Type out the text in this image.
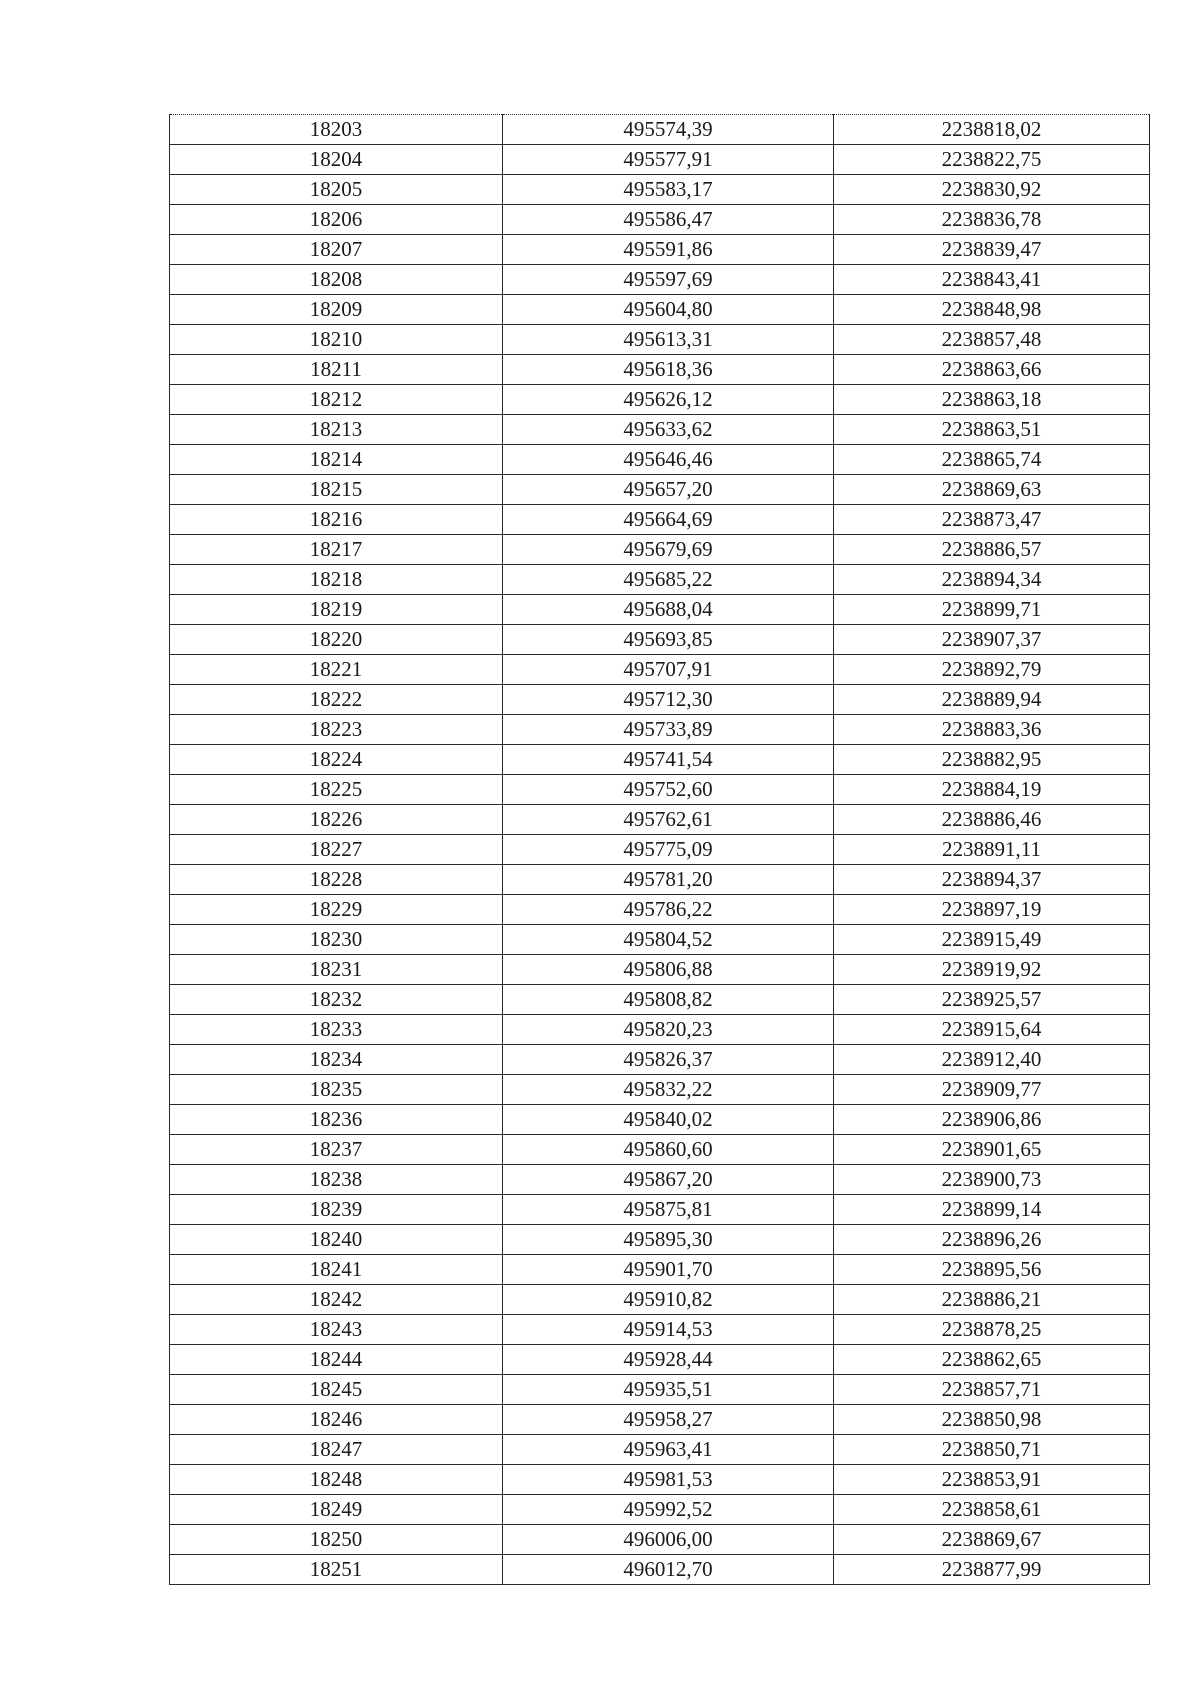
18203	495574,39	2238818,02
18204	495577,91	2238822,75
18205	495583,17	2238830,92
18206	495586,47	2238836,78
18207	495591,86	2238839,47
18208	495597,69	2238843,41
18209	495604,80	2238848,98
18210	495613,31	2238857,48
18211	495618,36	2238863,66
18212	495626,12	2238863,18
18213	495633,62	2238863,51
18214	495646,46	2238865,74
18215	495657,20	2238869,63
18216	495664,69	2238873,47
18217	495679,69	2238886,57
18218	495685,22	2238894,34
18219	495688,04	2238899,71
18220	495693,85	2238907,37
18221	495707,91	2238892,79
18222	495712,30	2238889,94
18223	495733,89	2238883,36
18224	495741,54	2238882,95
18225	495752,60	2238884,19
18226	495762,61	2238886,46
18227	495775,09	2238891,11
18228	495781,20	2238894,37
18229	495786,22	2238897,19
18230	495804,52	2238915,49
18231	495806,88	2238919,92
18232	495808,82	2238925,57
18233	495820,23	2238915,64
18234	495826,37	2238912,40
18235	495832,22	2238909,77
18236	495840,02	2238906,86
18237	495860,60	2238901,65
18238	495867,20	2238900,73
18239	495875,81	2238899,14
18240	495895,30	2238896,26
18241	495901,70	2238895,56
18242	495910,82	2238886,21
18243	495914,53	2238878,25
18244	495928,44	2238862,65
18245	495935,51	2238857,71
18246	495958,27	2238850,98
18247	495963,41	2238850,71
18248	495981,53	2238853,91
18249	495992,52	2238858,61
18250	496006,00	2238869,67
18251	496012,70	2238877,99
